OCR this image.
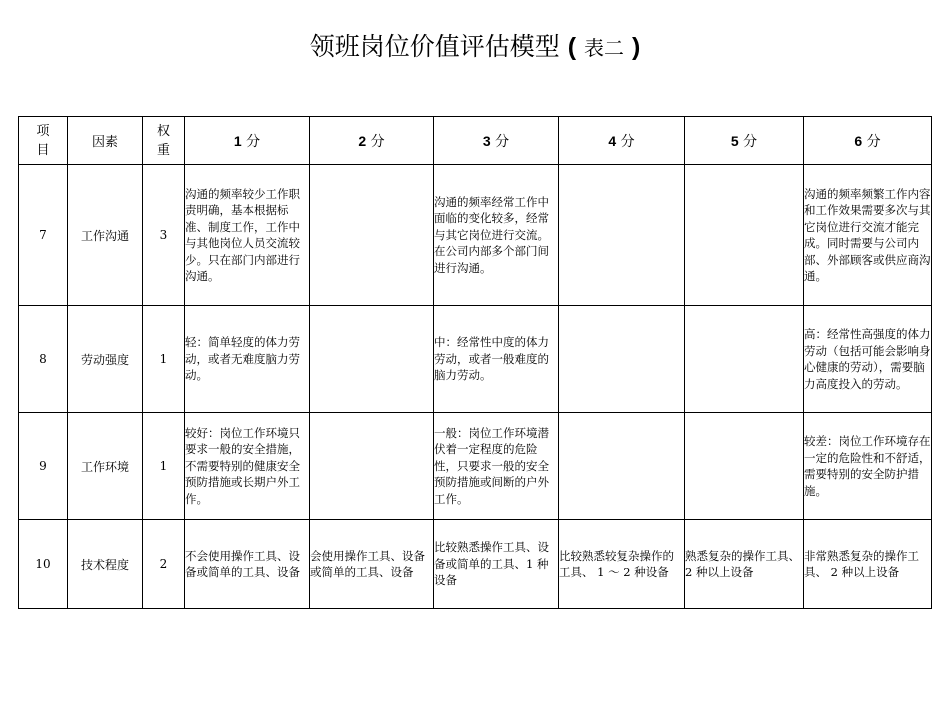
领班岗位价值评估模型 ( 表二 )
项目	因素	权重	1 分	2 分	3 分	4 分	5 分	6 分
7	工作沟通	3	沟通的频率较少工作职责明确，基本根据标准、制度工作，工作中与其他岗位人员交流较少。只在部门内部进行沟通。		沟通的频率经常工作中面临的变化较多，经常与其它岗位进行交流。在公司内部多个部门间进行沟通。			沟通的频率频繁工作内容和工作效果需要多次与其它岗位进行交流才能完成。同时需要与公司内部、外部顾客或供应商沟通。
8	劳动强度	1	轻：简单轻度的体力劳动，或者无难度脑力劳动。		中：经常性中度的体力劳动，或者一般难度的脑力劳动。			高：经常性高强度的体力劳动（包括可能会影响身心健康的劳动），需要脑力高度投入的劳动。
9	工作环境	1	较好：岗位工作环境只要求一般的安全措施，不需要特别的健康安全预防措施或长期户外工作。		一般：岗位工作环境潜伏着一定程度的危险性，只要求一般的安全预防措施或间断的户外工作。			较差：岗位工作环境存在一定的危险性和不舒适，需要特别的安全防护措施。
10	技术程度	2	不会使用操作工具、设备或简单的工具、设备	会使用操作工具、设备或简单的工具、设备	比较熟悉操作工具、设备或简单的工具、1 种设备	比较熟悉较复杂操作的工具、 1 ～ 2 种设备	熟悉复杂的操作工具、 2 种以上设备	非常熟悉复杂的操作工具、 2 种以上设备
